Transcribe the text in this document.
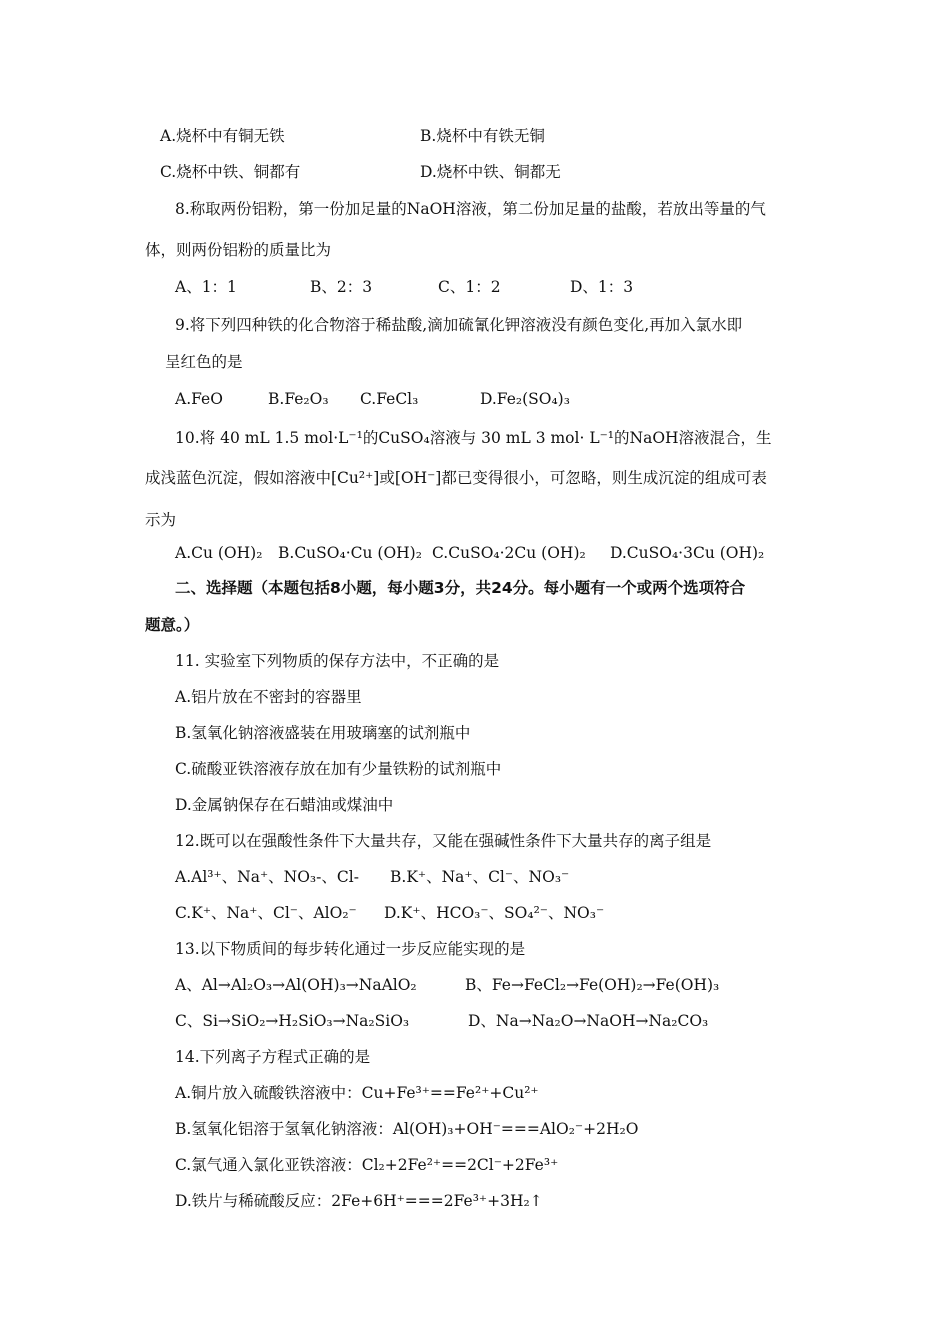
A.烧杯中有铜无铁	B.烧杯中有铁无铜
C.烧杯中铁、铜都有	D.烧杯中铁、铜都无
8.称取两份铝粉，第一份加足量的NaOH溶液，第二份加足量的盐酸，若放出等量的气
体，则两份铝粉的质量比为
A、1：1	B、2：3	C、1：2	D、1：3
9.将下列四种铁的化合物溶于稀盐酸,滴加硫氰化钾溶液没有颜色变化,再加入氯水即
呈红色的是
A.FeO	B.Fe₂O₃ C.FeCl₃	D.Fe₂(SO₄)₃
10.将 40 mL 1.5 mol·L⁻¹的CuSO₄溶液与 30 mL 3 mol· L⁻¹的NaOH溶液混合，生
成浅蓝色沉淀，假如溶液中[Cu²⁺]或[OH⁻]都已变得很小，可忽略，则生成沉淀的组成可表
示为
A.Cu (OH)₂ B.CuSO₄·Cu (OH)₂ C.CuSO₄·2Cu (OH)₂ D.CuSO₄·3Cu (OH)₂
二、选择题（本题包括8小题，每小题3分，共24分。每小题有一个或两个选项符合
题意。）
11. 实验室下列物质的保存方法中，不正确的是
A.铝片放在不密封的容器里
B.氢氧化钠溶液盛装在用玻璃塞的试剂瓶中
C.硫酸亚铁溶液存放在加有少量铁粉的试剂瓶中
D.金属钠保存在石蜡油或煤油中
12.既可以在强酸性条件下大量共存，又能在强碱性条件下大量共存的离子组是
A.Al³⁺、Na⁺、NO₃-、Cl- B.K⁺、Na⁺、Cl⁻、NO₃⁻
C.K⁺、Na⁺、Cl⁻、AlO₂⁻ D.K⁺、HCO₃⁻、SO₄²⁻、NO₃⁻
13.以下物质间的每步转化通过一步反应能实现的是
A、Al→Al₂O₃→Al(OH)₃→NaAlO₂	B、Fe→FeCl₂→Fe(OH)₂→Fe(OH)₃
C、Si→SiO₂→H₂SiO₃→Na₂SiO₃	D、Na→Na₂O→NaOH→Na₂CO₃
14.下列离子方程式正确的是
A.铜片放入硫酸铁溶液中：Cu+Fe³⁺==Fe²⁺+Cu²⁺
B.氢氧化铝溶于氢氧化钠溶液：Al(OH)₃+OH⁻===AlO₂⁻+2H₂O
C.氯气通入氯化亚铁溶液：Cl₂+2Fe²⁺==2Cl⁻+2Fe³⁺
D.铁片与稀硫酸反应：2Fe+6H⁺===2Fe³⁺+3H₂↑
